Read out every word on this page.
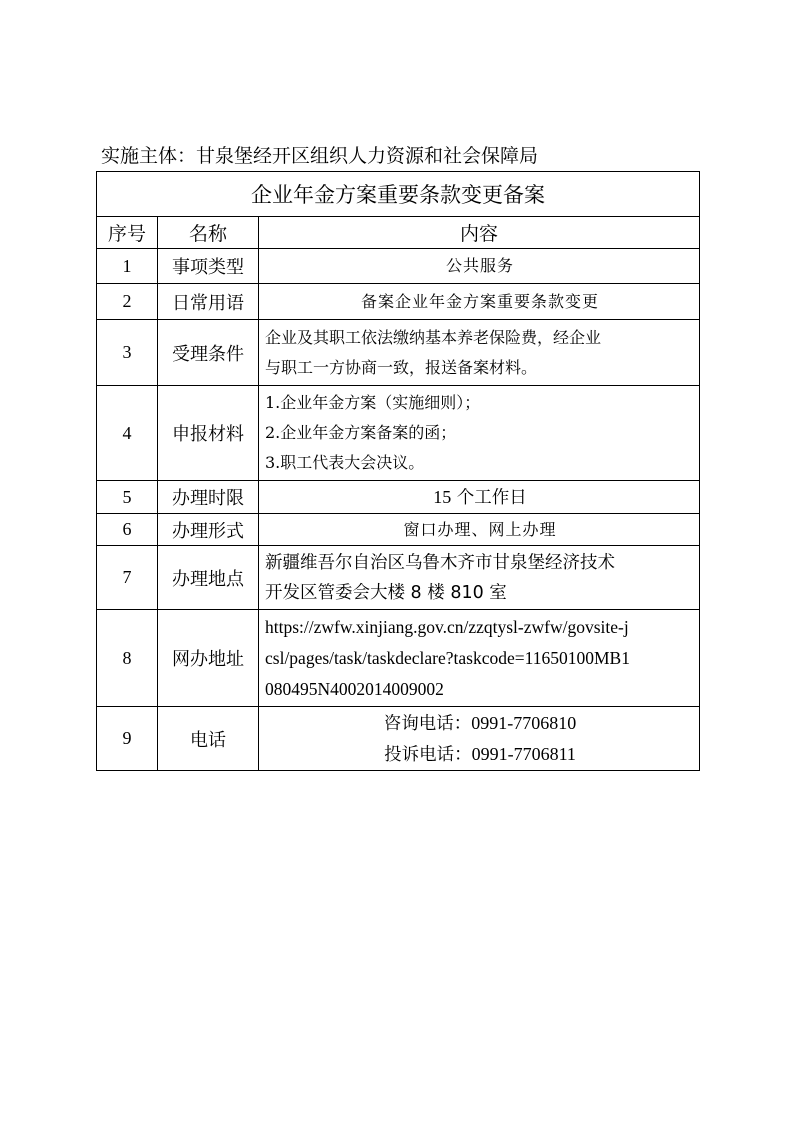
实施主体：甘泉堡经开区组织人力资源和社会保障局
企业年金方案重要条款变更备案		
序号	名称	内容
1	事项类型	公共服务

2	日常用语	备案企业年金方案重要条款变更

3	受理条件	企业及其职工依法缴纳基本养老保险费，经企业
与职工一方协商一致，报送备案材料。

4	申报材料	1.企业年金方案（实施细则）；
2.企业年金方案备案的函；
3.职工代表大会决议。

5	办理时限	15 个工作日
6	办理形式	窗口办理、网上办理

7	办理地点	新疆维吾尔自治区乌鲁木齐市甘泉堡经济技术
开发区管委会大楼 8 楼 810 室

8	网办地址	https://zwfw.xinjiang.gov.cn/zzqtysl-zwfw/govsite-j
csl/pages/task/taskdeclare?taskcode=11650100MB1
080495N4002014009002

9	电话	咨询电话：0991-7706810
投诉电话：0991-7706811
